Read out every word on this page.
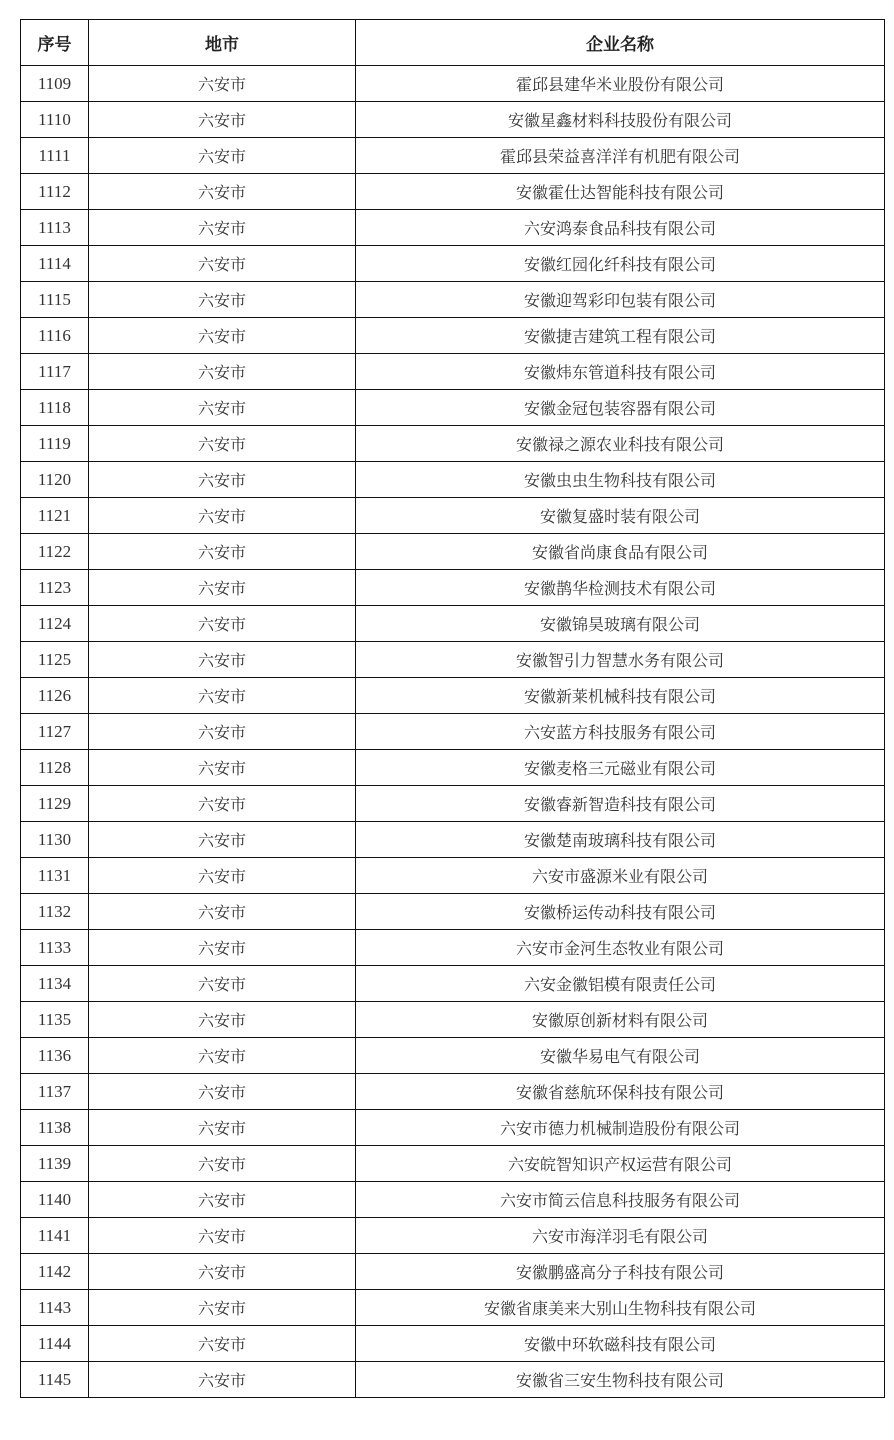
序号	地市	企业名称
1109	六安市	霍邱县建华米业股份有限公司
1110	六安市	安徽星鑫材料科技股份有限公司
1111	六安市	霍邱县荣益喜洋洋有机肥有限公司
1112	六安市	安徽霍仕达智能科技有限公司
1113	六安市	六安鸿泰食品科技有限公司
1114	六安市	安徽红园化纤科技有限公司
1115	六安市	安徽迎驾彩印包装有限公司
1116	六安市	安徽捷吉建筑工程有限公司
1117	六安市	安徽炜东管道科技有限公司
1118	六安市	安徽金冠包装容器有限公司
1119	六安市	安徽禄之源农业科技有限公司
1120	六安市	安徽虫虫生物科技有限公司
1121	六安市	安徽复盛时装有限公司
1122	六安市	安徽省尚康食品有限公司
1123	六安市	安徽鹊华检测技术有限公司
1124	六安市	安徽锦昊玻璃有限公司
1125	六安市	安徽智引力智慧水务有限公司
1126	六安市	安徽新莱机械科技有限公司
1127	六安市	六安蓝方科技服务有限公司
1128	六安市	安徽麦格三元磁业有限公司
1129	六安市	安徽睿新智造科技有限公司
1130	六安市	安徽楚南玻璃科技有限公司
1131	六安市	六安市盛源米业有限公司
1132	六安市	安徽桥运传动科技有限公司
1133	六安市	六安市金河生态牧业有限公司
1134	六安市	六安金徽铝模有限责任公司
1135	六安市	安徽原创新材料有限公司
1136	六安市	安徽华易电气有限公司
1137	六安市	安徽省慈航环保科技有限公司
1138	六安市	六安市德力机械制造股份有限公司
1139	六安市	六安皖智知识产权运营有限公司
1140	六安市	六安市简云信息科技服务有限公司
1141	六安市	六安市海洋羽毛有限公司
1142	六安市	安徽鹏盛高分子科技有限公司
1143	六安市	安徽省康美来大别山生物科技有限公司
1144	六安市	安徽中环软磁科技有限公司
1145	六安市	安徽省三安生物科技有限公司
